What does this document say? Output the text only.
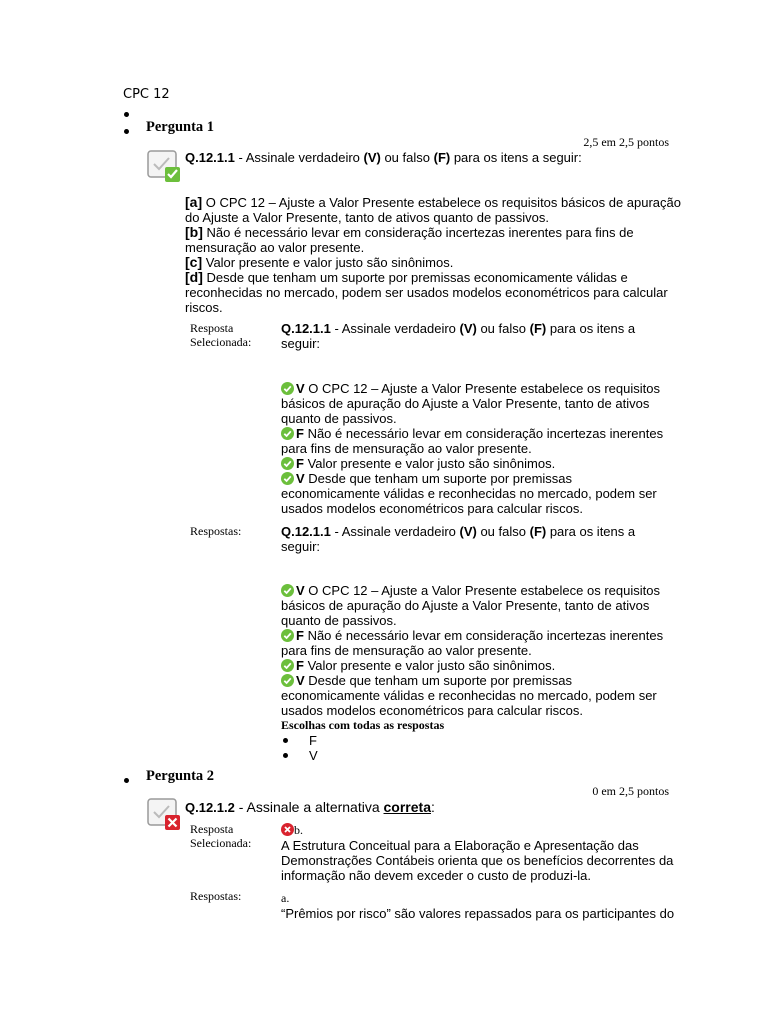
CPC 12
Pergunta 1
2,5 em 2,5 pontos
Q.12.1.1 - Assinale verdadeiro (V) ou falso (F) para os itens a seguir:
[a] O CPC 12 – Ajuste a Valor Presente estabelece os requisitos básicos de apuração do Ajuste a Valor Presente, tanto de ativos quanto de passivos.
[b] Não é necessário levar em consideração incertezas inerentes para fins de mensuração ao valor presente.
[c] Valor presente e valor justo são sinônimos.
[d] Desde que tenham um suporte por premissas economicamente válidas e reconhecidas no mercado, podem ser usados modelos econométricos para calcular riscos.
Resposta Selecionada:
Q.12.1.1 - Assinale verdadeiro (V) ou falso (F) para os itens a seguir:
V O CPC 12 – Ajuste a Valor Presente estabelece os requisitos básicos de apuração do Ajuste a Valor Presente, tanto de ativos quanto de passivos.
F Não é necessário levar em consideração incertezas inerentes para fins de mensuração ao valor presente.
F Valor presente e valor justo são sinônimos.
V Desde que tenham um suporte por premissas economicamente válidas e reconhecidas no mercado, podem ser usados modelos econométricos para calcular riscos.
Respostas:	Q.12.1.1 - Assinale verdadeiro (V) ou falso (F) para os itens a seguir:
V O CPC 12 – Ajuste a Valor Presente estabelece os requisitos básicos de apuração do Ajuste a Valor Presente, tanto de ativos quanto de passivos.
F Não é necessário levar em consideração incertezas inerentes para fins de mensuração ao valor presente.
F Valor presente e valor justo são sinônimos.
V Desde que tenham um suporte por premissas economicamente válidas e reconhecidas no mercado, podem ser usados modelos econométricos para calcular riscos.
Escolhas com todas as respostas
F
V
Pergunta 2
0 em 2,5 pontos
Q.12.1.2 - Assinale a alternativa correta:
Resposta Selecionada:
b.
A Estrutura Conceitual para a Elaboração e Apresentação das Demonstrações Contábeis orienta que os benefícios decorrentes da informação não devem exceder o custo de produzi-la.
Respostas:	a.
“Prêmios por risco” são valores repassados para os participantes do
